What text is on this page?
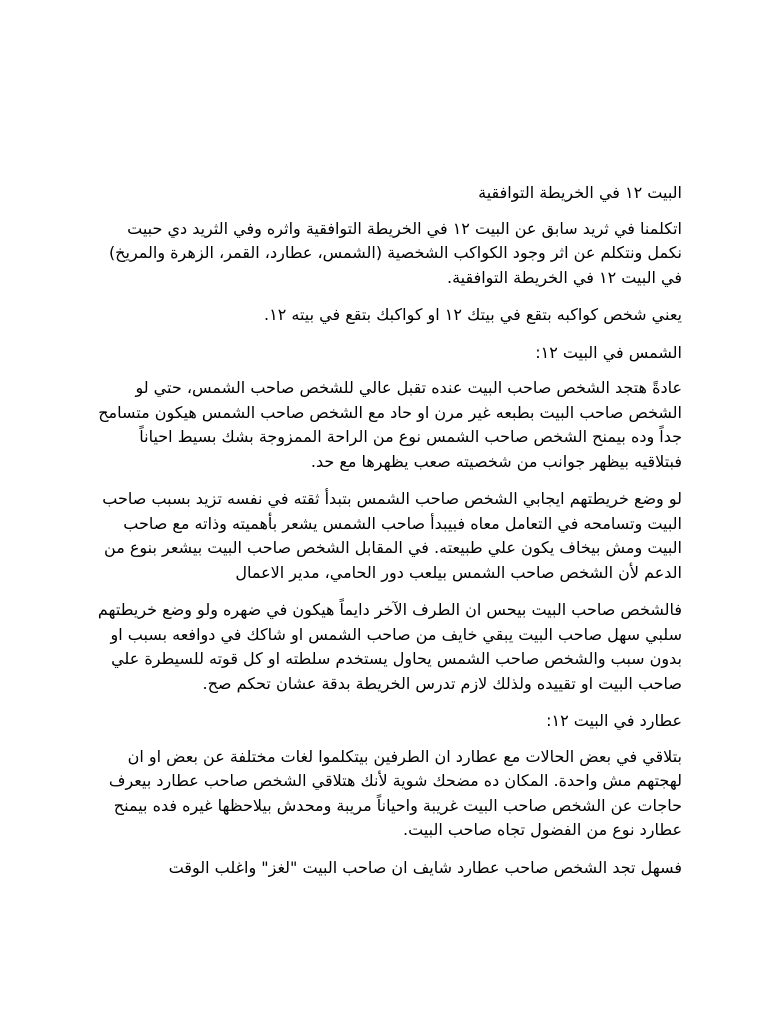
البيت ١٢ في الخريطة التوافقية

اتكلمنا في ثريد سابق عن البيت ١٢ في الخريطة التوافقية واثره وفي الثريد دي حبيت نكمل ونتكلم عن اثر وجود الكواكب الشخصية (الشمس، عطارد، القمر، الزهرة والمريخ) في البيت ١٢ في الخريطة التوافقية.

يعني شخص كواكبه بتقع في بيتك ١٢ او كواكبك بتقع في بيته ١٢.

الشمس في البيت ١٢:

عادةً هتجد الشخص صاحب البيت عنده تقبل عالي للشخص صاحب الشمس، حتي لو الشخص صاحب البيت بطبعه غير مرن او حاد مع الشخص صاحب الشمس هيكون متسامح جداً وده بيمنح الشخص صاحب الشمس نوع من الراحة الممزوجة بشك بسيط احياناً فبتلاقيه بيظهر جوانب من شخصيته صعب يظهرها مع حد.

لو وضع خريطتهم ايجابي الشخص صاحب الشمس بتبدأ ثقته في نفسه تزيد بسبب صاحب البيت وتسامحه في التعامل معاه فبيبدأ صاحب الشمس يشعر بأهميته وذاته مع صاحب البيت ومش بيخاف يكون علي طبيعته. في المقابل الشخص صاحب البيت بيشعر بنوع من الدعم لأن الشخص صاحب الشمس بيلعب دور الحامي، مدير الاعمال

فالشخص صاحب البيت بيحس ان الطرف الآخر دايماً هيكون في ضهره ولو وضع خريطتهم سلبي سهل صاحب البيت يبقي خايف من صاحب الشمس او شاكك في دوافعه بسبب او بدون سبب والشخص صاحب الشمس يحاول يستخدم سلطته او كل قوته للسيطرة علي صاحب البيت او تقييده ولذلك لازم تدرس الخريطة بدقة عشان تحكم صح.

عطارد في البيت ١٢:

بتلاقي في بعض الحالات مع عطارد ان الطرفين بيتكلموا لغات مختلفة عن بعض او ان لهجتهم مش واحدة. المكان ده مضحك شوية لأنك هتلاقي الشخص صاحب عطارد بيعرف حاجات عن الشخص صاحب البيت غريبة واحياناً مريبة ومحدش بيلاحظها غيره فده بيمنح عطارد نوع من الفضول تجاه صاحب البيت.

فسهل تجد الشخص صاحب عطارد شايف ان صاحب البيت "لغز" واغلب الوقت
